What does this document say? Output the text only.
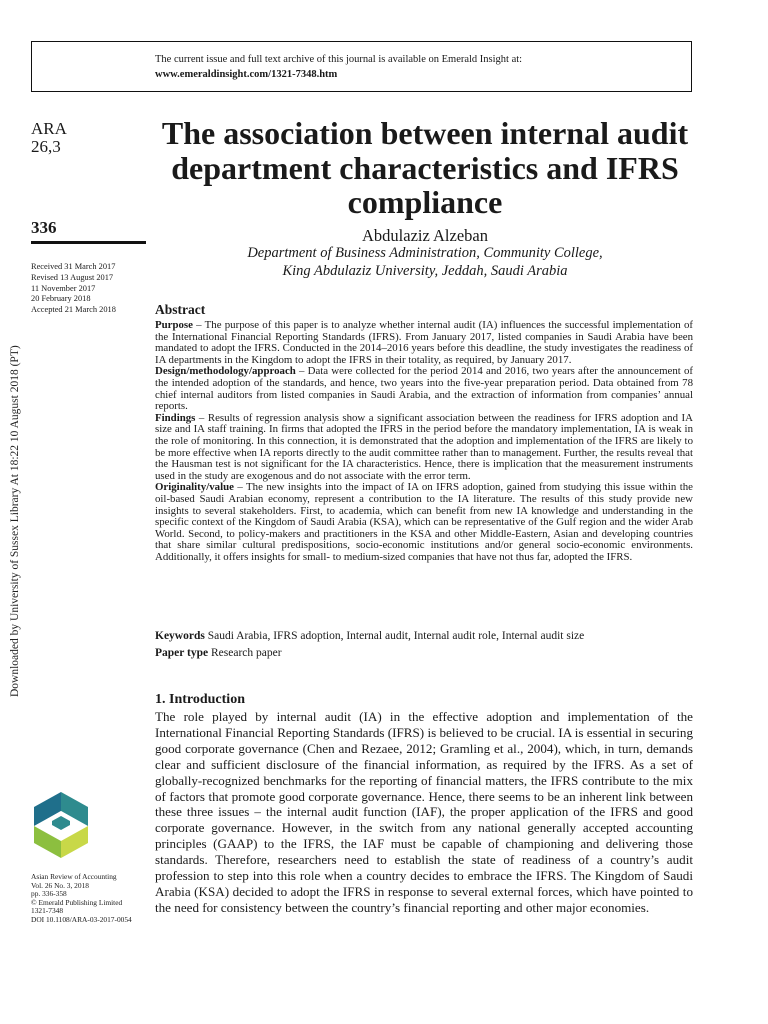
The current issue and full text archive of this journal is available on Emerald Insight at:
www.emeraldinsight.com/1321-7348.htm
Downloaded by University of Sussex Library At 18:22 10 August 2018 (PT)
ARA
26,3
336
Received 31 March 2017
Revised 13 August 2017
11 November 2017
20 February 2018
Accepted 21 March 2018
The association between internal audit department characteristics and IFRS compliance
Abdulaziz Alzeban
Department of Business Administration, Community College,
King Abdulaziz University, Jeddah, Saudi Arabia
Abstract

Purpose – The purpose of this paper is to analyze whether internal audit (IA) influences the successful implementation of the International Financial Reporting Standards (IFRS). From January 2017, listed companies in Saudi Arabia have been mandated to adopt the IFRS. Conducted in the 2014–2016 years before this deadline, the study investigates the readiness of IA departments in the Kingdom to adopt the IFRS in their totality, as required, by January 2017.

Design/methodology/approach – Data were collected for the period 2014 and 2016, two years after the announcement of the intended adoption of the standards, and hence, two years into the five-year preparation period. Data obtained from 78 chief internal auditors from listed companies in Saudi Arabia, and the extraction of information from companies’ annual reports.

Findings – Results of regression analysis show a significant association between the readiness for IFRS adoption and IA size and IA staff training. In firms that adopted the IFRS in the period before the mandatory implementation, IA is weak in the role of monitoring. In this connection, it is demonstrated that the adoption and implementation of the IFRS are likely to be more effective when IA reports directly to the audit committee rather than to management. Further, the results reveal that the Hausman test is not significant for the IA characteristics. Hence, there is implication that the measurement instruments used in the study are exogenous and do not associate with the error term.

Originality/value – The new insights into the impact of IA on IFRS adoption, gained from studying this issue within the oil-based Saudi Arabian economy, represent a contribution to the IA literature. The results of this study provide new insights to several stakeholders. First, to academia, which can benefit from new IA knowledge and understanding in the specific context of the Kingdom of Saudi Arabia (KSA), which can be representative of the Gulf region and the wider Arab World. Second, to policy-makers and practitioners in the KSA and other Middle-Eastern, Asian and developing countries that share similar cultural predispositions, socio-economic institutions and/or general socio-economic environments. Additionally, it offers insights for small- to medium-sized companies that have not thus far, adopted the IFRS.

Keywords Saudi Arabia, IFRS adoption, Internal audit, Internal audit role, Internal audit size
Paper type Research paper
1. Introduction

The role played by internal audit (IA) in the effective adoption and implementation of the International Financial Reporting Standards (IFRS) is believed to be crucial. IA is essential in securing good corporate governance (Chen and Rezaee, 2012; Gramling et al., 2004), which, in turn, demands clear and sufficient disclosure of the financial information, as required by the IFRS. As a set of globally-recognized benchmarks for the reporting of financial matters, the IFRS contribute to the mix of factors that promote good corporate governance. Hence, there seems to be an inherent link between these three issues – the internal audit function (IAF), the proper application of the IFRS and good corporate governance. However, in the switch from any national generally accepted accounting principles (GAAP) to the IFRS, the IAF must be capable of championing and delivering those standards. Therefore, researchers need to establish the state of readiness of a country’s audit profession to step into this role when a country decides to embrace the IFRS. The Kingdom of Saudi Arabia (KSA) decided to adopt the IFRS in response to several external forces, which have pointed to the need for consistency between the country’s financial reporting and other major economies.

Asian Review of Accounting
Vol. 26 No. 3, 2018
pp. 336-358
© Emerald Publishing Limited
1321-7348
DOI 10.1108/ARA-03-2017-0054
